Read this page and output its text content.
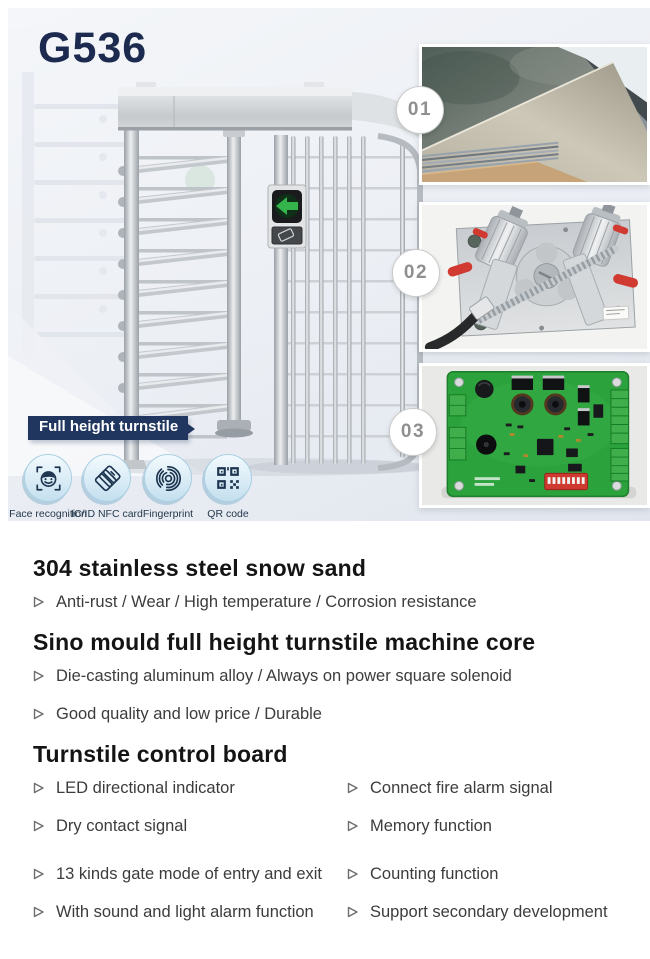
G536
Full height turnstile
Face recognition
IC/ID NFC card Fingerprint	QR code
01
02
03
304 stainless steel snow sand
Anti-rust / Wear / High temperature / Corrosion resistance
Sino mould full height turnstile machine core
Die-casting aluminum alloy / Always on power square solenoid
Good quality and low price / Durable
Turnstile control board
LED directional indicator	Connect fire alarm signal
Dry contact signal	Memory function
13 kinds gate mode of entry and exit	Counting function
With sound and light alarm function	Support secondary development
